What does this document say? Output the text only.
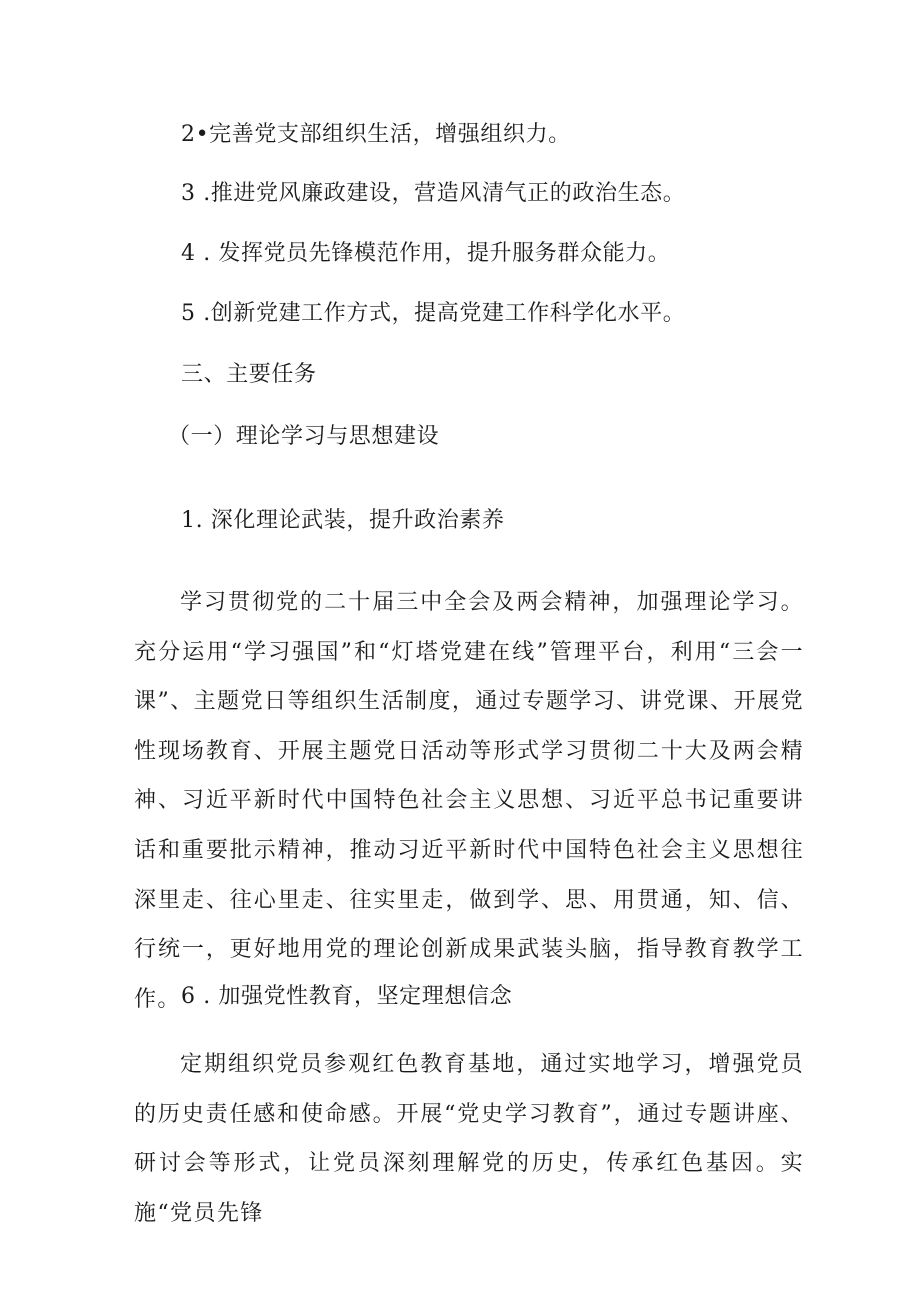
2•完善党支部组织生活，增强组织力。
3 .推进党风廉政建设，营造风清气正的政治生态。
4 . 发挥党员先锋模范作用，提升服务群众能力。
5 .创新党建工作方式，提高党建工作科学化水平。
三、主要任务
（一）理论学习与思想建设
1. 深化理论武装，提升政治素养
学习贯彻党的二十届三中全会及两会精神，加强理论学习。充分运用“学习强国”和“灯塔党建在线”管理平台，利用“三会一课”、主题党日等组织生活制度，通过专题学习、讲党课、开展党性现场教育、开展主题党日活动等形式学习贯彻二十大及两会精神、习近平新时代中国特色社会主义思想、习近平总书记重要讲话和重要批示精神，推动习近平新时代中国特色社会主义思想往深里走、往心里走、往实里走，做到学、思、用贯通，知、信、行统一，更好地用党的理论创新成果武装头脑，指导教育教学工作。 6 . 加强党性教育，坚定理想信念
定期组织党员参观红色教育基地，通过实地学习，增强党员的历史责任感和使命感。开展“党史学习教育”，通过专题讲座、研讨会等形式，让党员深刻理解党的历史，传承红色基因。实施“党员先锋
